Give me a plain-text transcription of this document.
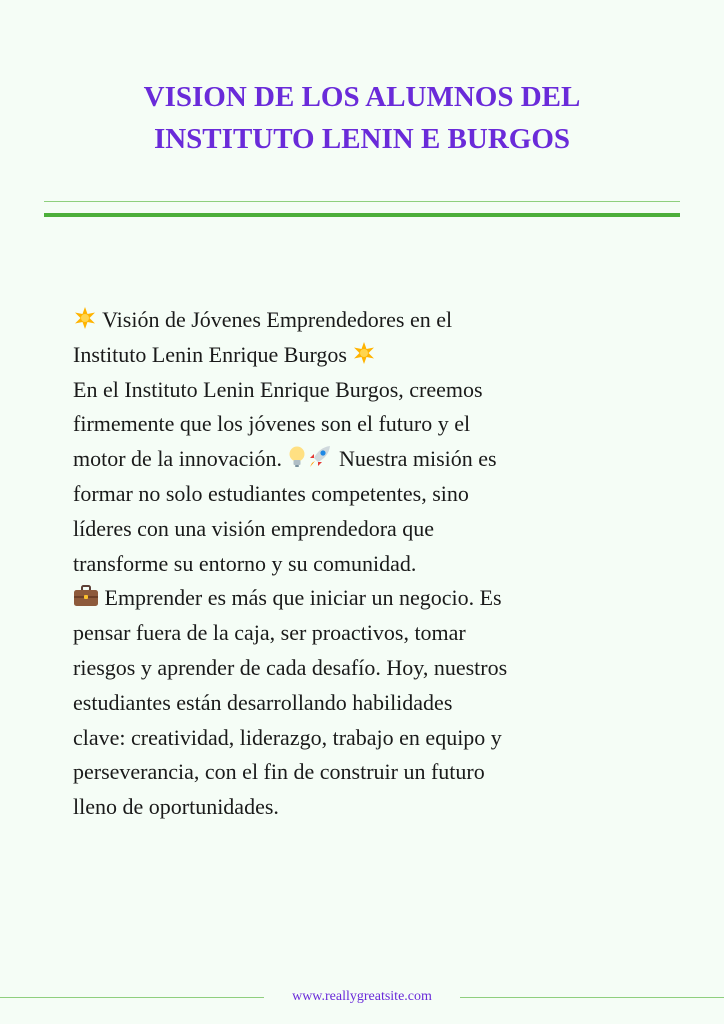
VISION DE LOS ALUMNOS DEL
INSTITUTO LENIN E BURGOS
Visión de Jóvenes Emprendedores en el
Instituto Lenin Enrique Burgos
En el Instituto Lenin Enrique Burgos, creemos
firmemente que los jóvenes son el futuro y el
motor de la innovación.	Nuestra misión es
formar no solo estudiantes competentes, sino
líderes con una visión emprendedora que
transforme su entorno y su comunidad.
Emprender es más que iniciar un negocio. Es
pensar fuera de la caja, ser proactivos, tomar
riesgos y aprender de cada desafío. Hoy, nuestros
estudiantes están desarrollando habilidades
clave: creatividad, liderazgo, trabajo en equipo y
perseverancia, con el fin de construir un futuro
lleno de oportunidades.
www.reallygreatsite.com
